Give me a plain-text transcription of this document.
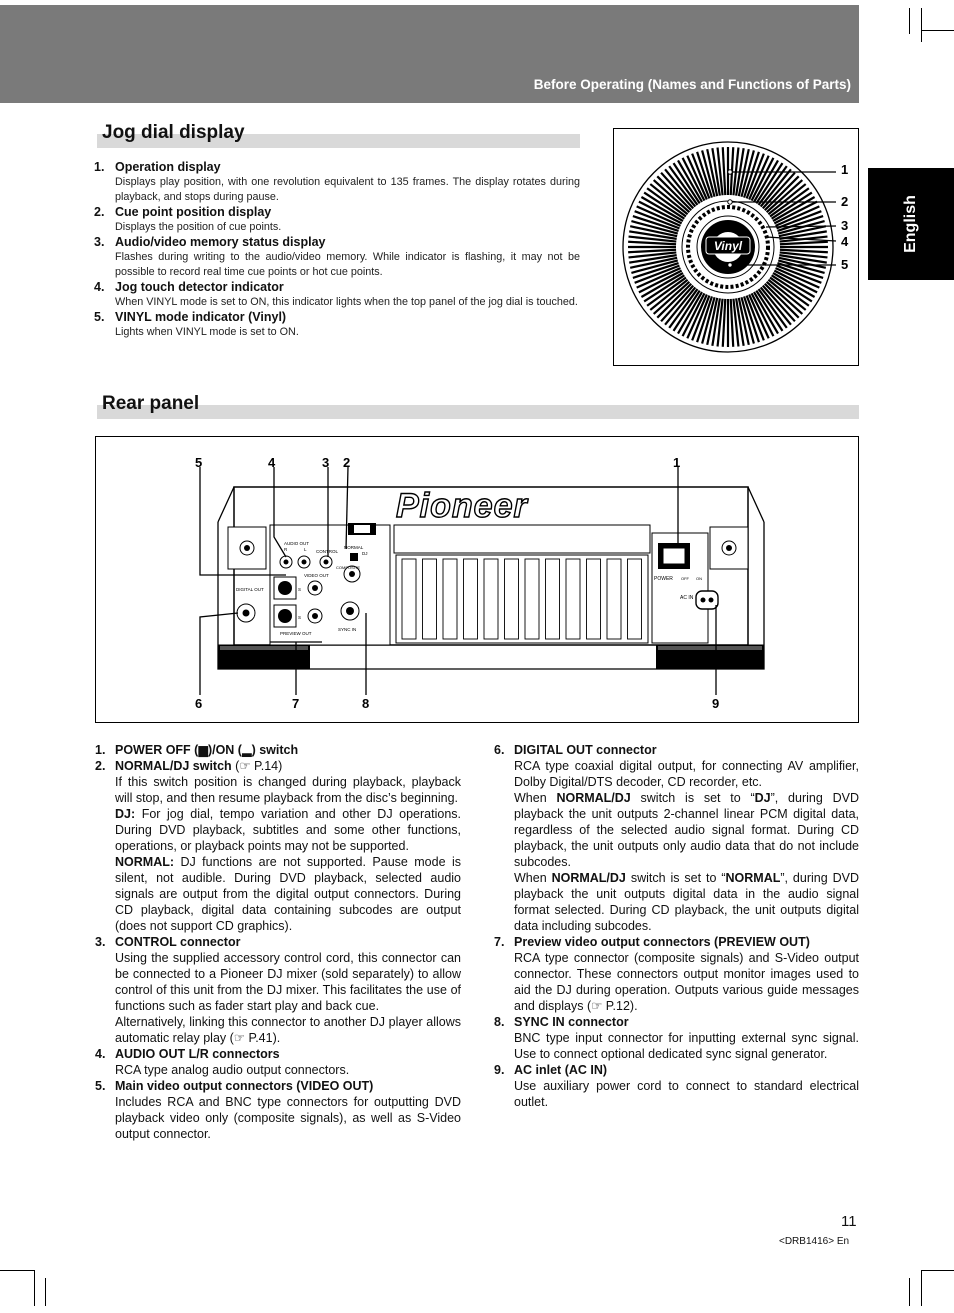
Before Operating (Names and Functions of Parts)
English
Jog dial display
1. Operation display
Displays play position, with one revolution equivalent to 135 frames. The display rotates during playback, and stops during pause.
2. Cue point position display
Displays the position of cue points.
3. Audio/video memory status display
Flashes during writing to the audio/video memory. While indicator is flashing, it may not be possible to record real time cue points or hot cue points.
4. Jog touch detector indicator
When VINYL mode is set to ON, this indicator lights when the top panel of the jog dial is touched.
5. VINYL mode indicator (Vinyl)
Lights when VINYL mode is set to ON.
Vinyl
1
2
3
4
5
Rear panel
Pioneer
AUDIO OUT
R	L CONTROL
NORMAL
DJ
COMPOSITE
VIDEO OUT
S
DIGITAL OUT
S
PREVIEW OUT
SYNC IN
POWER OFF ON
AC IN
5	4	3 2	1
6	7	8	9
1. POWER OFF (▆)/ON (▂) switch
2. NORMAL/DJ switch (☞ P.14)
If this switch position is changed during playback, playback will stop, and then resume playback from the disc’s beginning.
DJ: For jog dial, tempo variation and other DJ operations. During DVD playback, subtitles and some other functions, operations, or playback points may not be supported.
NORMAL: DJ functions are not supported. Pause mode is silent, not audible. During DVD playback, selected audio signals are output from the digital output connectors. During CD playback, digital data containing subcodes are output (does not support CD graphics).
3. CONTROL connector
Using the supplied accessory control cord, this connector can be connected to a Pioneer DJ mixer (sold separately) to allow control of this unit from the DJ mixer. This facilitates the use of functions such as fader start play and back cue.
Alternatively, linking this connector to another DJ player allows automatic relay play (☞ P.41).
4. AUDIO OUT L/R connectors
RCA type analog audio output connectors.
5. Main video output connectors (VIDEO OUT)
Includes RCA and BNC type connectors for outputting DVD playback video only (composite signals), as well as S-Video output connector.
6. DIGITAL OUT connector
RCA type coaxial digital output, for connecting AV amplifier, Dolby Digital/DTS decoder, CD recorder, etc.
When NORMAL/DJ switch is set to “DJ”, during DVD playback the unit outputs 2-channel linear PCM digital data, regardless of the selected audio signal format. During CD playback, the unit outputs only audio data that do not include subcodes.
When NORMAL/DJ switch is set to “NORMAL”, during DVD playback the unit outputs digital data in the audio signal format selected. During CD playback, the unit outputs digital data including subcodes.
7. Preview video output connectors (PREVIEW OUT)
RCA type connector (composite signals) and S-Video output connector. These connectors output monitor images used to aid the DJ during operation. Outputs various guide messages and displays (☞ P.12).
8. SYNC IN connector
BNC type input connector for inputting external sync signal. Use to connect optional dedicated sync signal generator.
9. AC inlet (AC IN)
Use auxiliary power cord to connect to standard electrical outlet.
11
<DRB1416> En
